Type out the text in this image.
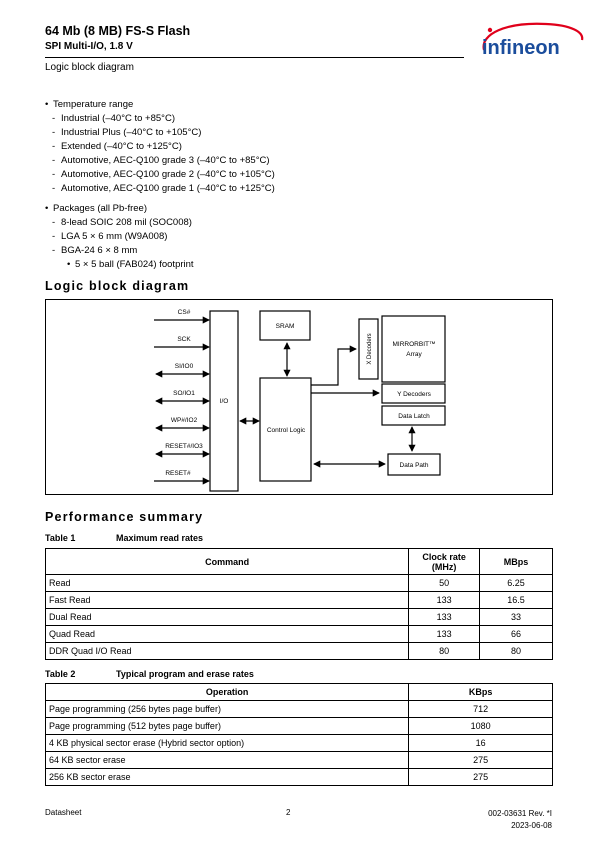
64 Mb (8 MB) FS-S Flash
SPI Multi-I/O, 1.8 V
Logic block diagram
infineon
• Temperature range
- Industrial (–40°C to +85°C)
- Industrial Plus (–40°C to +105°C)
- Extended (–40°C to +125°C)
- Automotive, AEC-Q100 grade 3 (–40°C to +85°C)
- Automotive, AEC-Q100 grade 2 (–40°C to +105°C)
- Automotive, AEC-Q100 grade 1 (–40°C to +125°C)
• Packages (all Pb-free)
- 8-lead SOIC 208 mil (SOC008)
- LGA 5 × 6 mm (W9A008)
- BGA-24 6 × 8 mm
• 5 × 5 ball (FAB024) footprint
Logic block diagram
CS#
SCK
SI/IO0
SO/IO1
WP#/IO2
RESET#/IO3
RESET#
I/O
SRAM
Control Logic
X Decoders	MIRRORBIT™
Array
Y Decoders
Data Latch
Data Path
Performance summary
Table 1	Maximum read rates
Command	Clock rate (MHz)	MBps
Read	50	6.25
Fast Read	133	16.5
Dual Read	133	33
Quad Read	133	66
DDR Quad I/O Read	80	80
Table 2	Typical program and erase rates
Operation	KBps
Page programming (256 bytes page buffer)	712
Page programming (512 bytes page buffer)	1080
4 KB physical sector erase (Hybrid sector option)	16
64 KB sector erase	275
256 KB sector erase	275
Datasheet	2	002-03631 Rev. *I
2023-06-08
